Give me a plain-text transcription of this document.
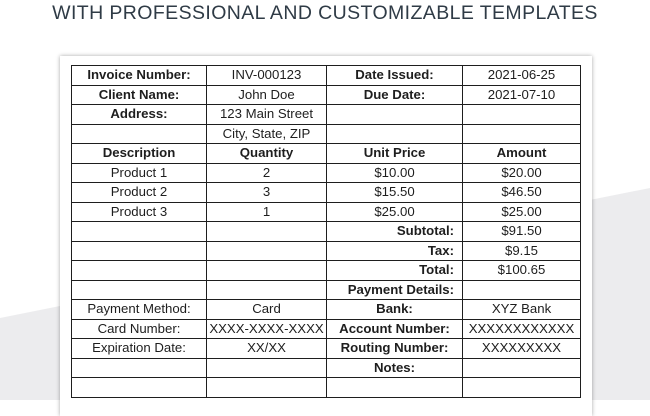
WITH PROFESSIONAL AND CUSTOMIZABLE TEMPLATES
Invoice Number:	INV-000123	Date Issued:	2021-06-25
Client Name:	John Doe	Due Date:	2021-07-10
Address:	123 Main Street		
	City, State, ZIP		
Description	Quantity	Unit Price	Amount
Product 1	2	$10.00	$20.00
Product 2	3	$15.50	$46.50
Product 3	1	$25.00	$25.00
		Subtotal:	$91.50
		Tax:	$9.15
		Total:	$100.65
		Payment Details:	
Payment Method:	Card	Bank:	XYZ Bank
Card Number:	XXXX-XXXX-XXXX	Account Number:	XXXXXXXXXXXX
Expiration Date:	XX/XX	Routing Number:	XXXXXXXXX
		Notes:	
